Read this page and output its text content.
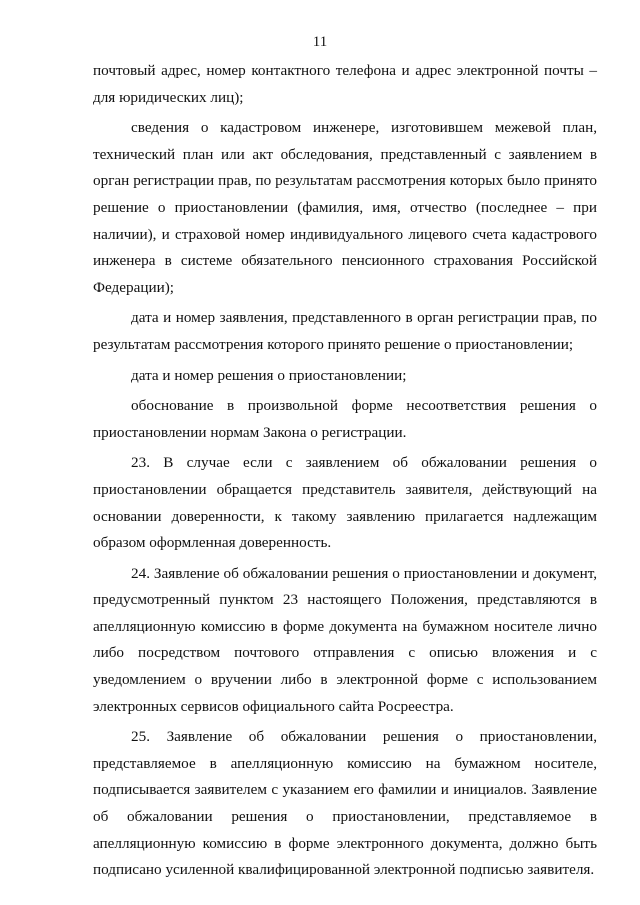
11

почтовый адрес, номер контактного телефона и адрес электронной почты – для юридических лиц);

сведения о кадастровом инженере, изготовившем межевой план, технический план или акт обследования, представленный с заявлением в орган регистрации прав, по результатам рассмотрения которых было принято решение о приостановлении (фамилия, имя, отчество (последнее – при наличии), и страховой номер индивидуального лицевого счета кадастрового инженера в системе обязательного пенсионного страхования Российской Федерации);

дата и номер заявления, представленного в орган регистрации прав, по результатам рассмотрения которого принято решение о приостановлении;

дата и номер решения о приостановлении;

обоснование в произвольной форме несоответствия решения о приостановлении нормам Закона о регистрации.

23. В случае если с заявлением об обжаловании решения о приостановлении обращается представитель заявителя, действующий на основании доверенности, к такому заявлению прилагается надлежащим образом оформленная доверенность.

24. Заявление об обжаловании решения о приостановлении и документ, предусмотренный пунктом 23 настоящего Положения, представляются в апелляционную комиссию в форме документа на бумажном носителе лично либо посредством почтового отправления с описью вложения и с уведомлением о вручении либо в электронной форме с использованием электронных сервисов официального сайта Росреестра.

25. Заявление об обжаловании решения о приостановлении, представляемое в апелляционную комиссию на бумажном носителе, подписывается заявителем с указанием его фамилии и инициалов. Заявление об обжаловании решения о приостановлении, представляемое в апелляционную комиссию в форме электронного документа, должно быть подписано усиленной квалифицированной электронной подписью заявителя.
